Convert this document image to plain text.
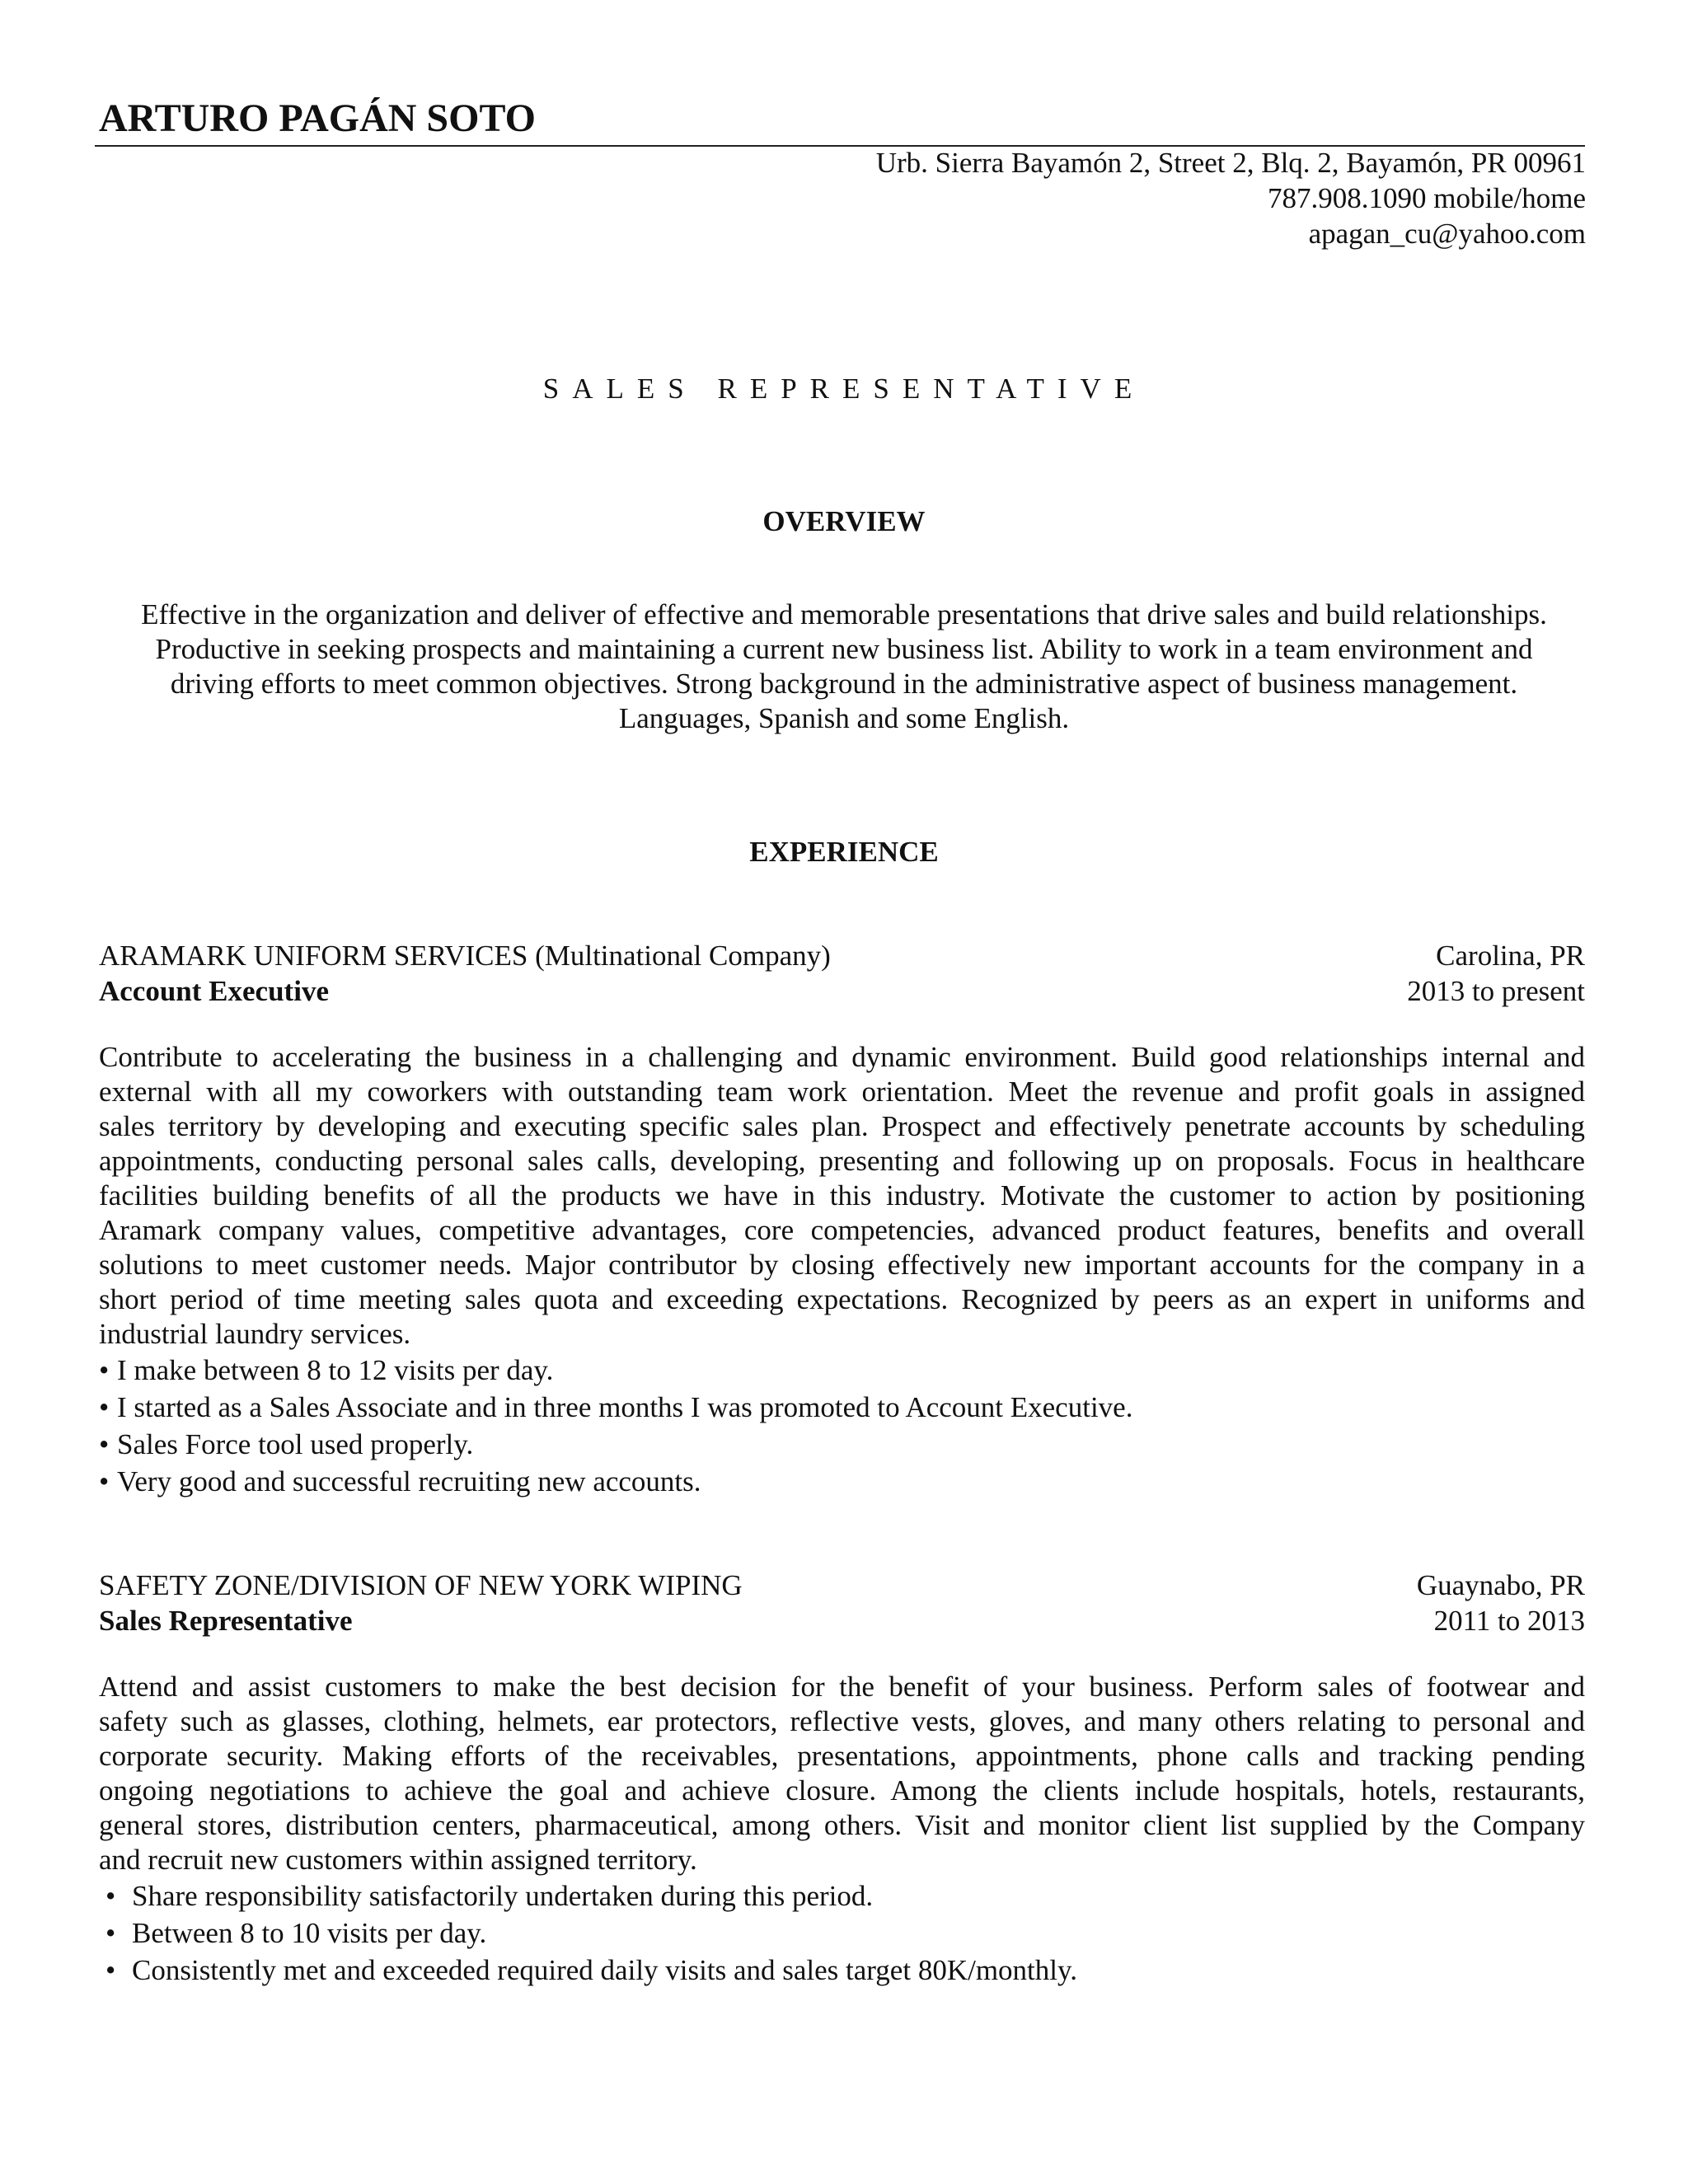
ARTURO PAGÁN SOTO
Urb. Sierra Bayamón 2, Street 2, Blq. 2, Bayamón, PR 00961
787.908.1090 mobile/home
apagan_cu@yahoo.com
SALES REPRESENTATIVE
OVERVIEW
Effective in the organization and deliver of effective and memorable presentations that drive sales and build relationships.
Productive in seeking prospects and maintaining a current new business list. Ability to work in a team environment and
driving efforts to meet common objectives. Strong background in the administrative aspect of business management.
Languages, Spanish and some English.
EXPERIENCE
ARAMARK UNIFORM SERVICES (Multinational Company)	Carolina, PR
Account Executive	2013 to present
Contribute to accelerating the business in a challenging and dynamic environment. Build good relationships internal and
external with all my coworkers with outstanding team work orientation. Meet the revenue and profit goals in assigned
sales territory by developing and executing specific sales plan. Prospect and effectively penetrate accounts by scheduling
appointments, conducting personal sales calls, developing, presenting and following up on proposals. Focus in healthcare
facilities building benefits of all the products we have in this industry. Motivate the customer to action by positioning
Aramark company values, competitive advantages, core competencies, advanced product features, benefits and overall
solutions to meet customer needs. Major contributor by closing effectively new important accounts for the company in a
short period of time meeting sales quota and exceeding expectations. Recognized by peers as an expert in uniforms and
industrial laundry services.
• I make between 8 to 12 visits per day.
• I started as a Sales Associate and in three months I was promoted to Account Executive.
• Sales Force tool used properly.
• Very good and successful recruiting new accounts.
SAFETY ZONE/DIVISION OF NEW YORK WIPING	Guaynabo, PR
Sales Representative	2011 to 2013
Attend and assist customers to make the best decision for the benefit of your business. Perform sales of footwear and
safety such as glasses, clothing, helmets, ear protectors, reflective vests, gloves, and many others relating to personal and
corporate security. Making efforts of the receivables, presentations, appointments, phone calls and tracking pending
ongoing negotiations to achieve the goal and achieve closure. Among the clients include hospitals, hotels, restaurants,
general stores, distribution centers, pharmaceutical, among others. Visit and monitor client list supplied by the Company
and recruit new customers within assigned territory.
• Share responsibility satisfactorily undertaken during this period.
• Between 8 to 10 visits per day.
• Consistently met and exceeded required daily visits and sales target 80K/monthly.
